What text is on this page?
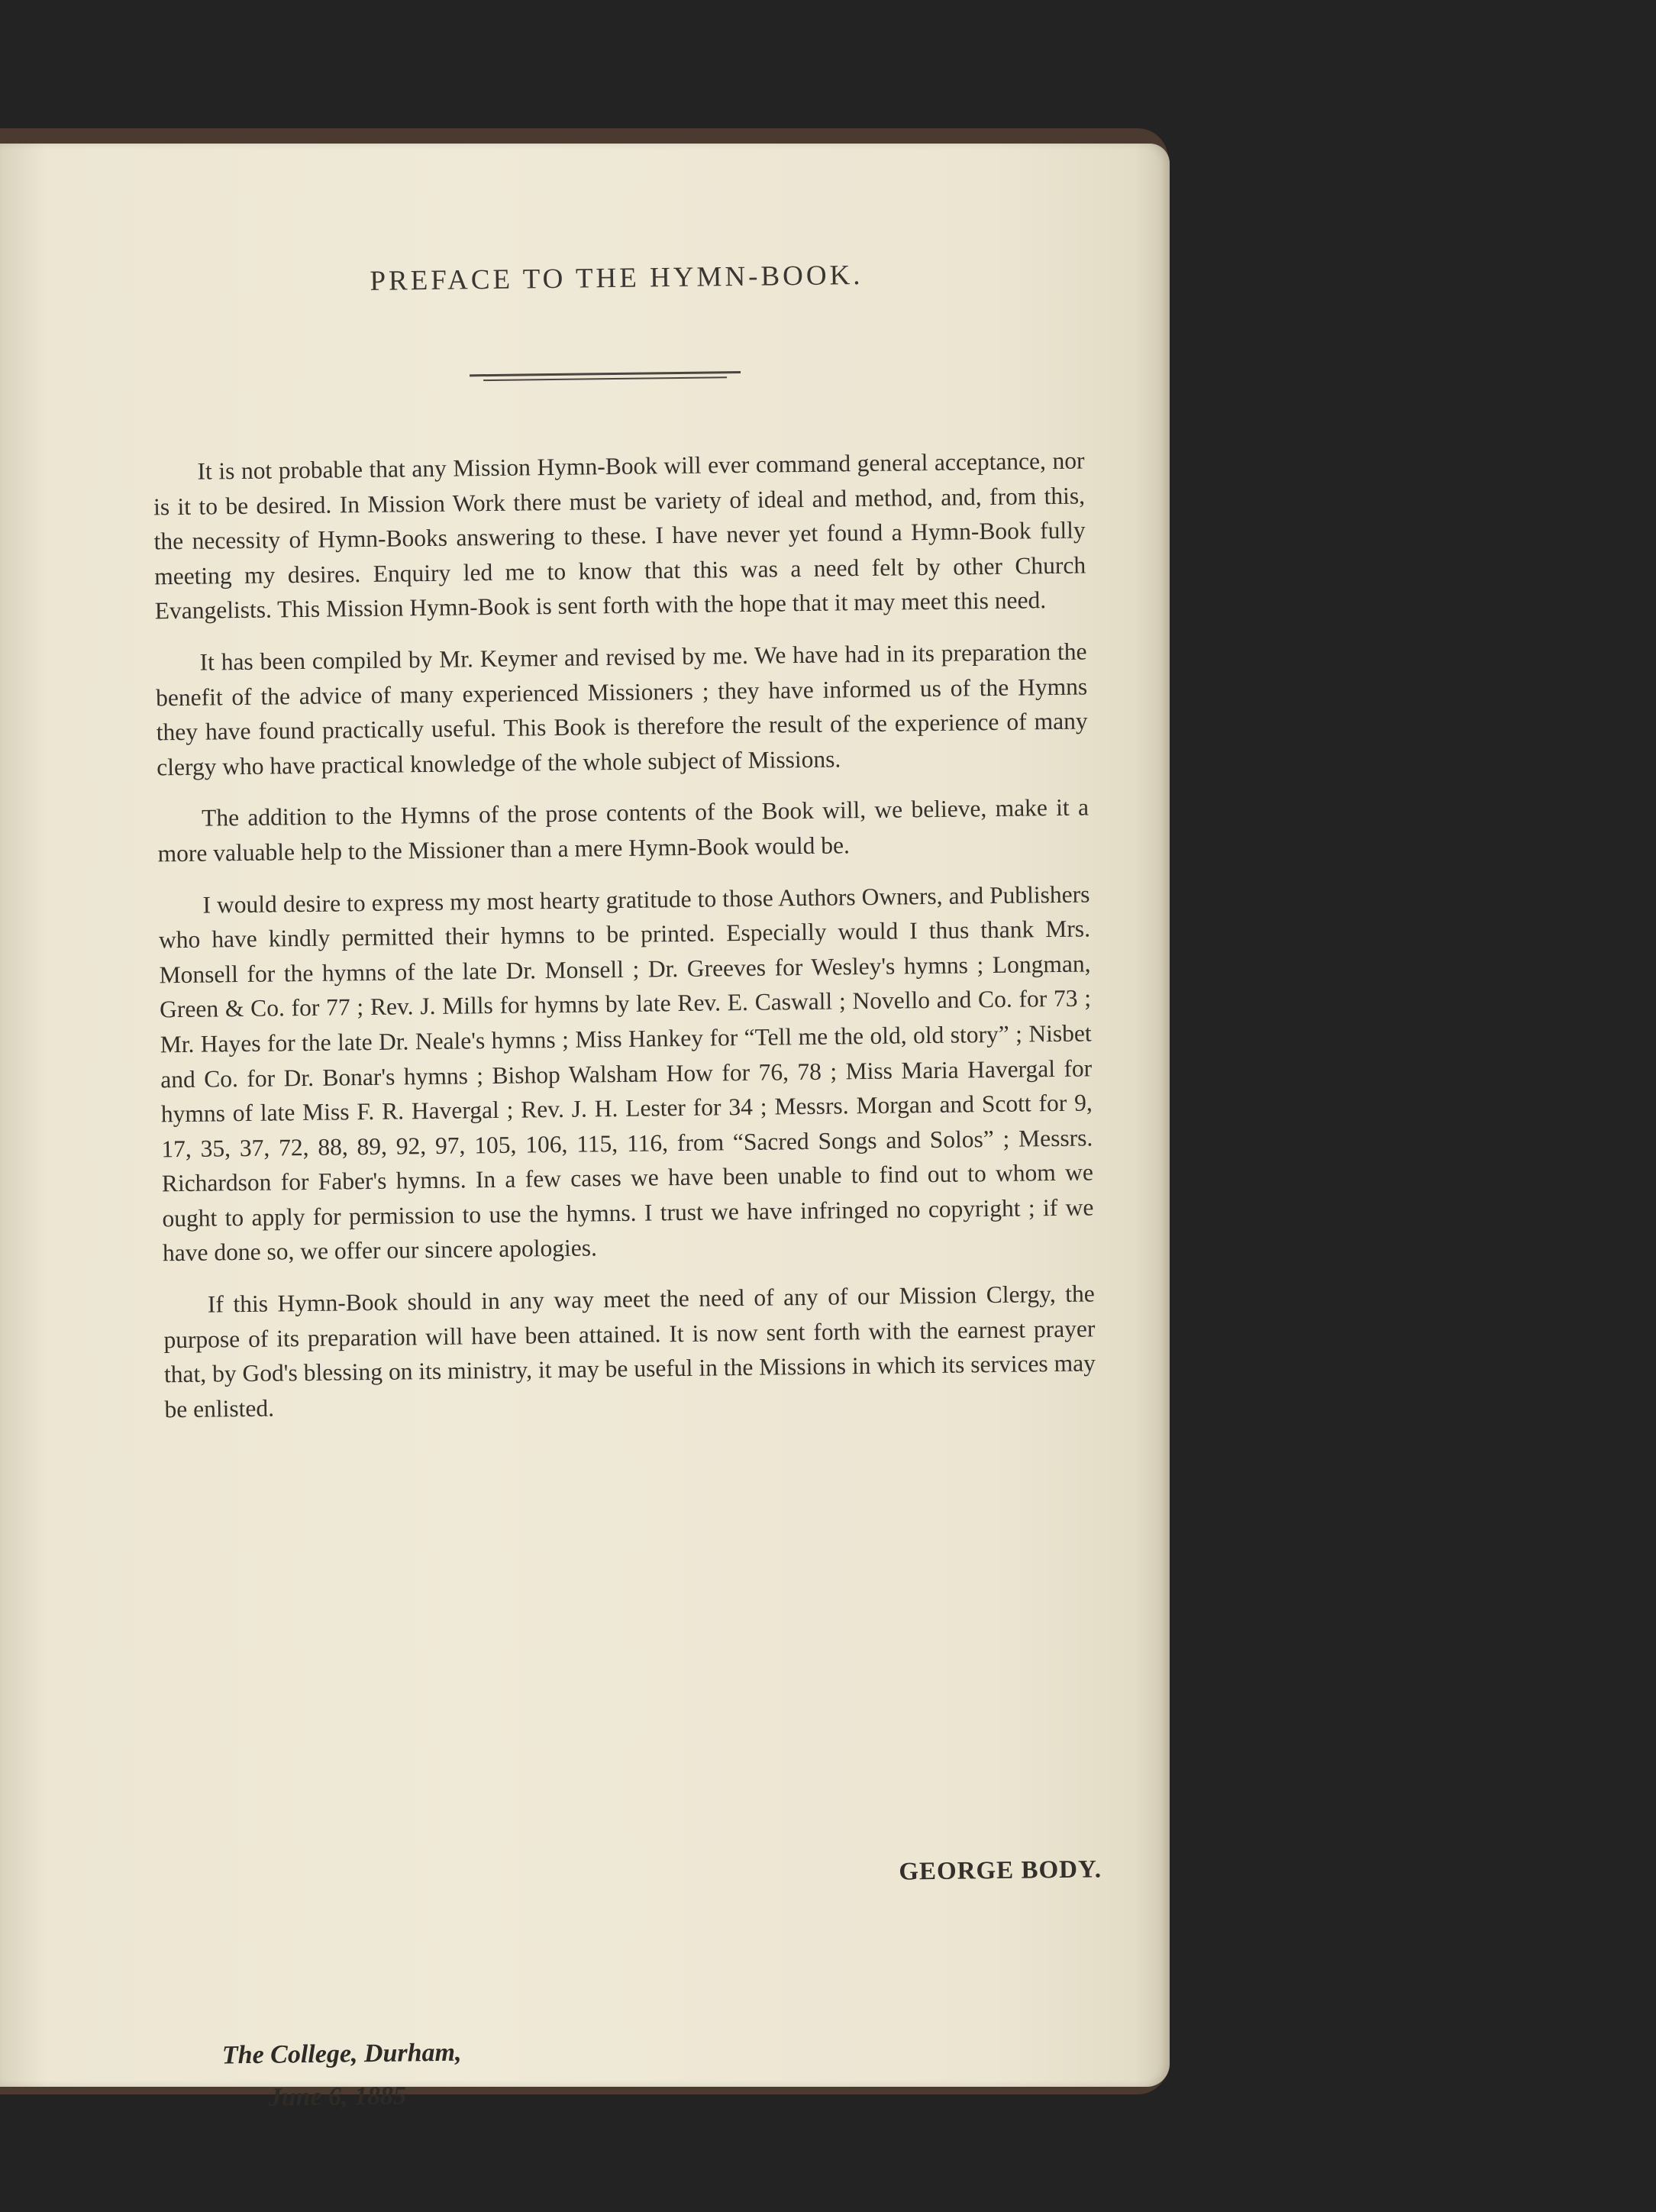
PREFACE TO THE HYMN-BOOK.

It is not probable that any Mission Hymn-Book will ever command general acceptance, nor is it to be desired. In Mission Work there must be variety of ideal and method, and, from this, the necessity of Hymn-Books answering to these. I have never yet found a Hymn-Book fully meeting my desires. Enquiry led me to know that this was a need felt by other Church Evangelists. This Mission Hymn-Book is sent forth with the hope that it may meet this need.

It has been compiled by Mr. Keymer and revised by me. We have had in its preparation the benefit of the advice of many experienced Missioners ; they have informed us of the Hymns they have found practically useful. This Book is therefore the result of the experience of many clergy who have practical knowledge of the whole subject of Missions.

The addition to the Hymns of the prose contents of the Book will, we believe, make it a more valuable help to the Missioner than a mere Hymn-Book would be.

I would desire to express my most hearty gratitude to those Authors Owners, and Publishers who have kindly permitted their hymns to be printed. Especially would I thus thank Mrs. Monsell for the hymns of the late Dr. Monsell ; Dr. Greeves for Wesley's hymns ; Longman, Green & Co. for 77 ; Rev. J. Mills for hymns by late Rev. E. Caswall ; Novello and Co. for 73 ; Mr. Hayes for the late Dr. Neale's hymns ; Miss Hankey for “Tell me the old, old story” ; Nisbet and Co. for Dr. Bonar's hymns ; Bishop Walsham How for 76, 78 ; Miss Maria Havergal for hymns of late Miss F. R. Havergal ; Rev. J. H. Lester for 34 ; Messrs. Morgan and Scott for 9, 17, 35, 37, 72, 88, 89, 92, 97, 105, 106, 115, 116, from “Sacred Songs and Solos” ; Messrs. Richardson for Faber's hymns. In a few cases we have been unable to find out to whom we ought to apply for permission to use the hymns. I trust we have infringed no copyright ; if we have done so, we offer our sincere apologies.

If this Hymn-Book should in any way meet the need of any of our Mission Clergy, the purpose of its preparation will have been attained. It is now sent forth with the earnest prayer that, by God's blessing on its ministry, it may be useful in the Missions in which its services may be enlisted.

GEORGE BODY.
The College, Durham,
June 6, 1885
